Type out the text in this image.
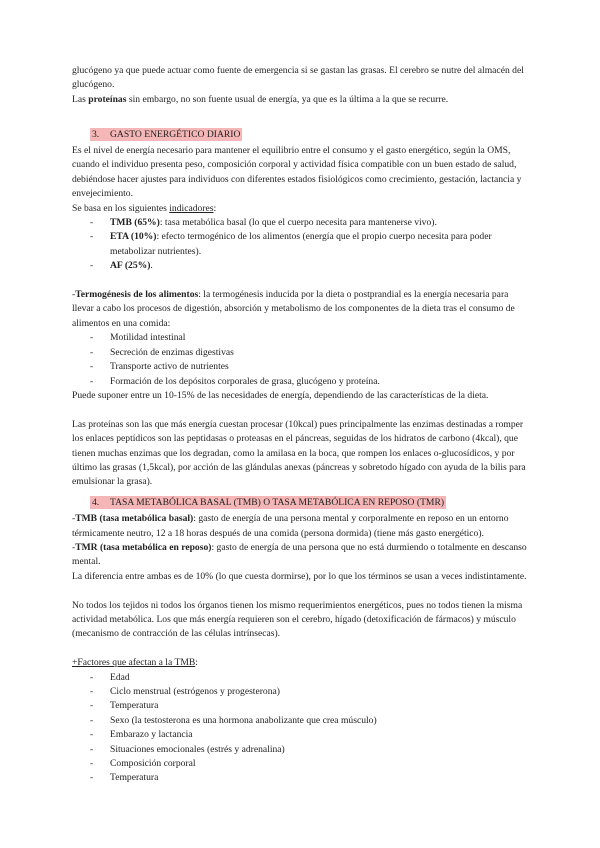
glucógeno ya que puede actuar como fuente de emergencia si se gastan las grasas. El cerebro se nutre del almacén del glucógeno.

Las proteínas sin embargo, no son fuente usual de energía, ya que es la última a la que se recurre.

3. GASTO ENERGÉTICO DIARIO

Es el nivel de energía necesario para mantener el equilibrio entre el consumo y el gasto energético, según la OMS, cuando el individuo presenta peso, composición corporal y actividad física compatible con un buen estado de salud, debiéndose hacer ajustes para individuos con diferentes estados fisiológicos como crecimiento, gestación, lactancia y envejecimiento.

Se basa en los siguientes indicadores:

- TMB (65%): tasa metabólica basal (lo que el cuerpo necesita para mantenerse vivo).
- ETA (10%): efecto termogénico de los alimentos (energía que el propio cuerpo necesita para poder metabolizar nutrientes).
- AF (25%).

-Termogénesis de los alimentos: la termogénesis inducida por la dieta o postprandial es la energía necesaria para llevar a cabo los procesos de digestión, absorción y metabolismo de los componentes de la dieta tras el consumo de alimentos en una comida:

- Motilidad intestinal
- Secreción de enzimas digestivas
- Transporte activo de nutrientes
- Formación de los depósitos corporales de grasa, glucógeno y proteína.

Puede suponer entre un 10-15% de las necesidades de energía, dependiendo de las características de la dieta.

Las proteínas son las que más energía cuestan procesar (10kcal) pues principalmente las enzimas destinadas a romper los enlaces peptídicos son las peptidasas o proteasas en el páncreas, seguidas de los hidratos de carbono (4kcal), que tienen muchas enzimas que los degradan, como la amilasa en la boca, que rompen los enlaces o-glucosídicos, y por último las grasas (1,5kcal), por acción de las glándulas anexas (páncreas y sobretodo hígado con ayuda de la bilis para emulsionar la grasa).

4. TASA METABÓLICA BASAL (TMB) O TASA METABÓLICA EN REPOSO (TMR)

-TMB (tasa metabólica basal): gasto de energía de una persona mental y corporalmente en reposo en un entorno térmicamente neutro, 12 a 18 horas después de una comida (persona dormida) (tiene más gasto energético).

-TMR (tasa metabólica en reposo): gasto de energía de una persona que no está durmiendo o totalmente en descanso mental.

La diferencia entre ambas es de 10% (lo que cuesta dormirse), por lo que los términos se usan a veces indistintamente.

No todos los tejidos ni todos los órganos tienen los mismo requerimientos energéticos, pues no todos tienen la misma actividad metabólica. Los que más energía requieren son el cerebro, hígado (detoxificación de fármacos) y músculo (mecanismo de contracción de las células intrínsecas).

+Factores que afectan a la TMB:

- Edad
- Ciclo menstrual (estrógenos y progesterona)
- Temperatura
- Sexo (la testosterona es una hormona anabolizante que crea músculo)
- Embarazo y lactancia
- Situaciones emocionales (estrés y adrenalina)
- Composición corporal
- Temperatura
